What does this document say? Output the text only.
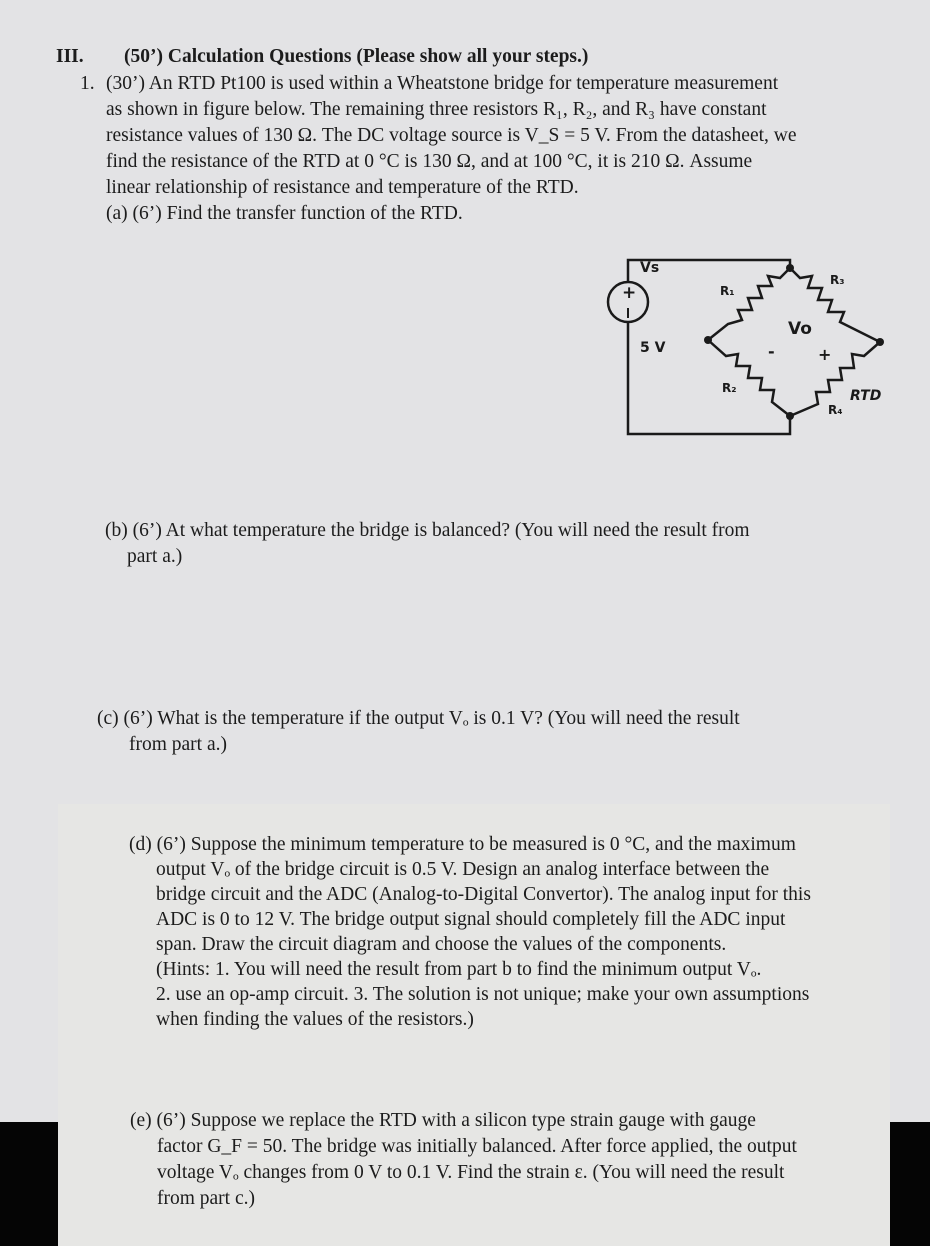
III. (50’) Calculation Questions (Please show all your steps.)
1. (30’) An RTD Pt100 is used within a Wheatstone bridge for temperature measurement
as shown in figure below. The remaining three resistors R₁, R₂, and R₃ have constant
resistance values of 130 Ω. The DC voltage source is V_S = 5 V. From the datasheet, we
find the resistance of the RTD at 0 °C is 130 Ω, and at 100 °C, it is 210 Ω. Assume
linear relationship of resistance and temperature of the RTD.
(a) (6’) Find the transfer function of the RTD.
+
Vs
5 V
R₁
R₃
R₂
R₄
RTD
Vo
-	+
(b) (6’) At what temperature the bridge is balanced? (You will need the result from
part a.)
(c) (6’) What is the temperature if the output Vₒ is 0.1 V? (You will need the result
from part a.)
(d) (6’) Suppose the minimum temperature to be measured is 0 °C, and the maximum
output Vₒ of the bridge circuit is 0.5 V. Design an analog interface between the
bridge circuit and the ADC (Analog-to-Digital Convertor). The analog input for this
ADC is 0 to 12 V. The bridge output signal should completely fill the ADC input
span. Draw the circuit diagram and choose the values of the components.
(Hints: 1. You will need the result from part b to find the minimum output Vₒ.
2. use an op-amp circuit. 3. The solution is not unique; make your own assumptions
when finding the values of the resistors.)
(e) (6’) Suppose we replace the RTD with a silicon type strain gauge with gauge
factor G_F = 50. The bridge was initially balanced. After force applied, the output
voltage Vₒ changes from 0 V to 0.1 V. Find the strain ε. (You will need the result
from part c.)
